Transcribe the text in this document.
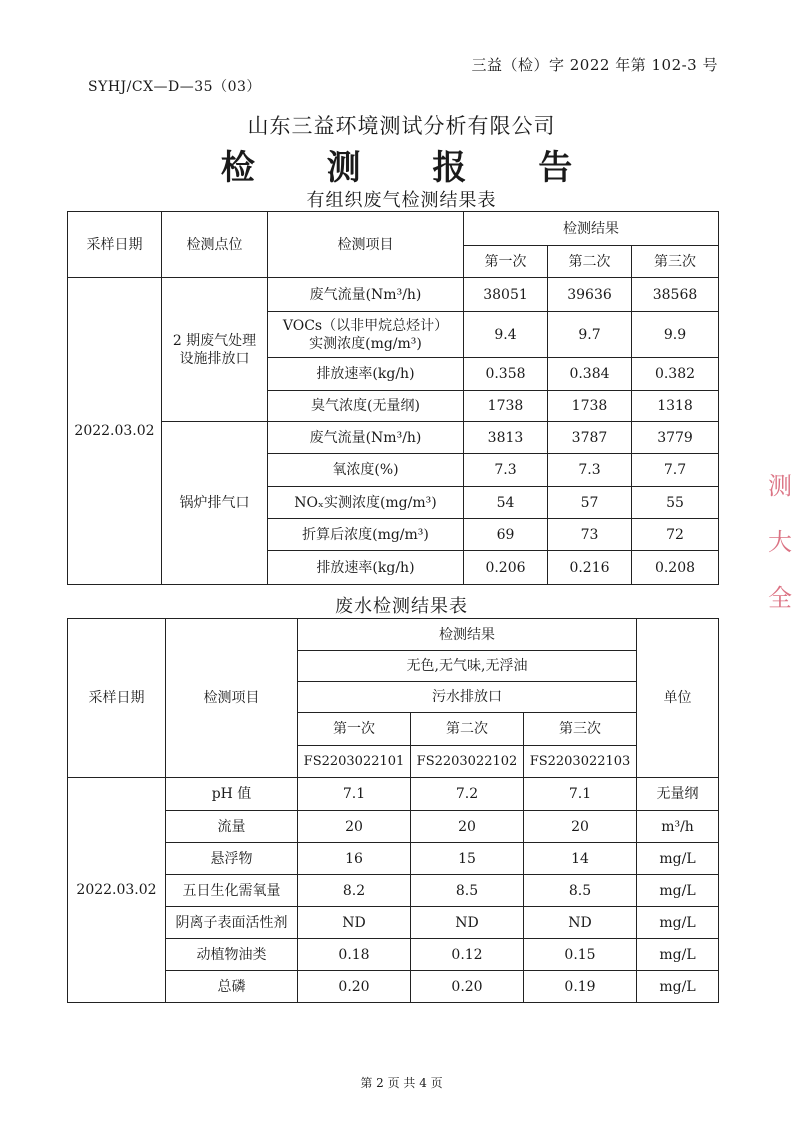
三益（检）字 2022 年第 102-3 号
SYHJ/CX—D—35（03）
山东三益环境测试分析有限公司
检 测 报 告
有组织废气检测结果表
采样日期	检测点位	检测项目	检测结果		
			第一次	第二次	第三次
2022.03.02	2 期废气处理设施排放口	废气流量(Nm³/h)	38051	39636	38568
		VOCs（以非甲烷总烃计）实测浓度(mg/m³)	9.4	9.7	9.9
		排放速率(kg/h)	0.358	0.384	0.382
		臭气浓度(无量纲)	1738	1738	1318
	锅炉排气口	废气流量(Nm³/h)	3813	3787	3779
		氧浓度(%)	7.3	7.3	7.7
		NOₓ实测浓度(mg/m³)	54	57	55
		折算后浓度(mg/m³)	69	73	72
		排放速率(kg/h)	0.206	0.216	0.208
废水检测结果表
采样日期	检测项目	检测结果			单位
		无色,无气味,无浮油			
		污水排放口			
		第一次	第二次	第三次	
		FS2203022101	FS2203022102	FS2203022103	
2022.03.02	pH 值	7.1	7.2	7.1	无量纲
	流量	20	20	20	m³/h
	悬浮物	16	15	14	mg/L
	五日生化需氧量	8.2	8.5	8.5	mg/L
	阴离子表面活性剂	ND	ND	ND	mg/L
	动植物油类	0.18	0.12	0.15	mg/L
	总磷	0.20	0.20	0.19	mg/L
第 2 页 共 4 页
测
大
全
